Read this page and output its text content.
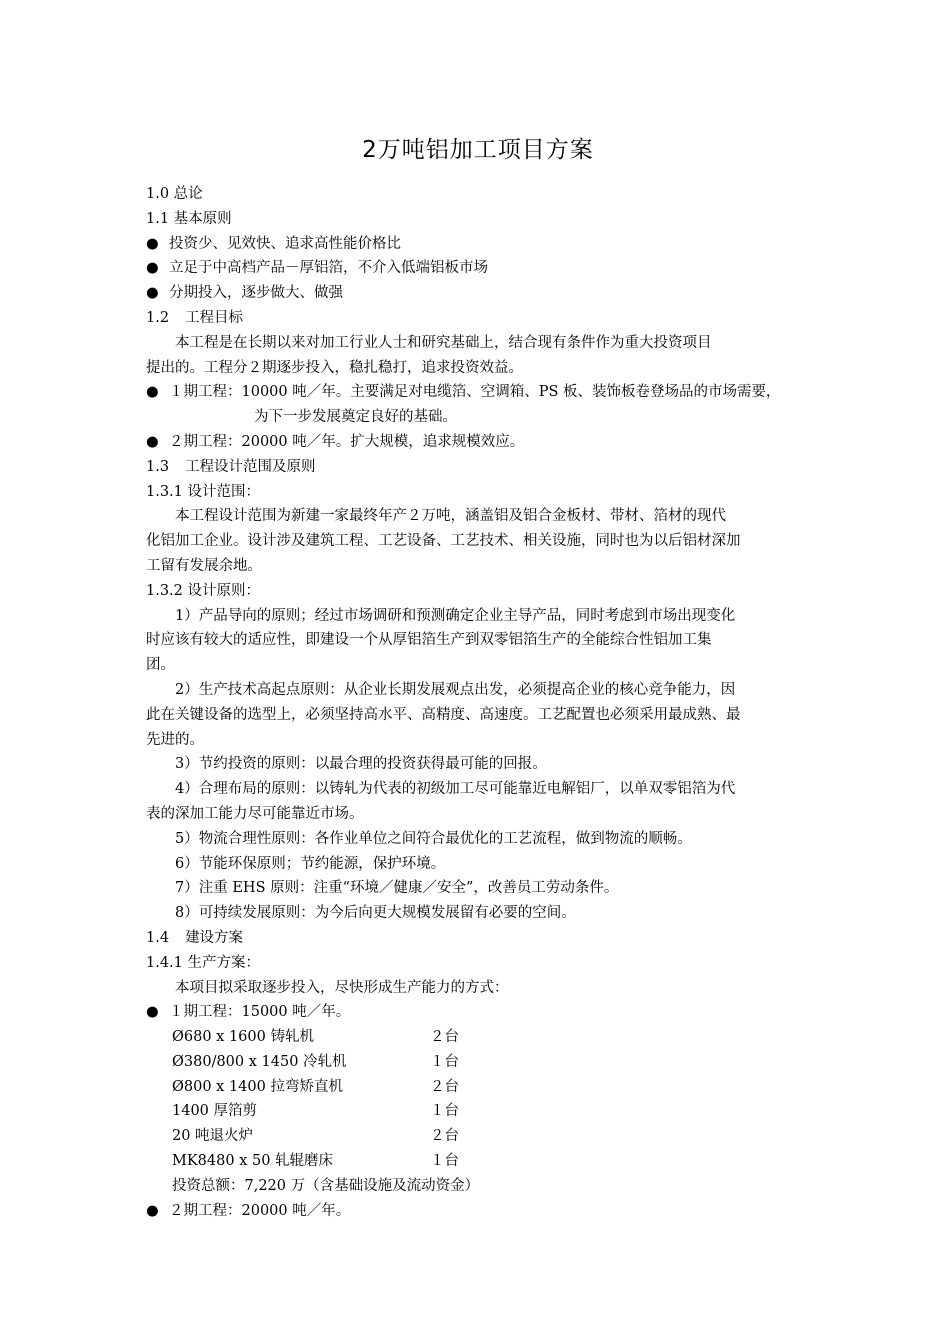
2万吨铝加工项目方案
1.0 总论
1.1 基本原则
● 投资少、见效快、追求高性能价格比
● 立足于中高档产品－厚铝箔，不介入低端铝板市场
● 分期投入，逐步做大、做强
1.2 工程目标
本工程是在长期以来对加工行业人士和研究基础上，结合现有条件作为重大投资项目
提出的。工程分２期逐步投入，稳扎稳打，追求投资效益。
● １期工程：10000 吨／年。主要满足对电缆箔、空调箱、PS 板、装饰板卷登场品的市场需要，
为下一步发展奠定良好的基础。
● ２期工程：20000 吨／年。扩大规模，追求规模效应。
1.3 工程设计范围及原则
1.3.1 设计范围：
本工程设计范围为新建一家最终年产２万吨，涵盖铝及铝合金板材、带材、箔材的现代
化铝加工企业。设计涉及建筑工程、工艺设备、工艺技术、相关设施，同时也为以后铝材深加
工留有发展余地。
1.3.2 设计原则：
1）产品导向的原则；经过市场调研和预测确定企业主导产品，同时考虑到市场出现变化
时应该有较大的适应性，即建设一个从厚铝箔生产到双零铝箔生产的全能综合性铝加工集
团。
2）生产技术高起点原则：从企业长期发展观点出发，必须提高企业的核心竞争能力，因
此在关键设备的选型上，必须坚持高水平、高精度、高速度。工艺配置也必须采用最成熟、最
先进的。
3）节约投资的原则：以最合理的投资获得最可能的回报。
4）合理布局的原则：以铸轧为代表的初级加工尽可能靠近电解铝厂，以单双零铝箔为代
表的深加工能力尽可能靠近市场。
5）物流合理性原则：各作业单位之间符合最优化的工艺流程，做到物流的顺畅。
6）节能环保原则；节约能源，保护环境。
7）注重 EHS 原则：注重“环境／健康／安全”，改善员工劳动条件。
8）可持续发展原则：为今后向更大规模发展留有必要的空间。
1.4 建设方案
1.4.1 生产方案：
本项目拟采取逐步投入，尽快形成生产能力的方式：
● １期工程：15000 吨／年。
Ø680 x 1600 铸轧机	２台
Ø380/800 x 1450 冷轧机	１台
Ø800 x 1400 拉弯矫直机	２台
1400 厚箔剪	１台
20 吨退火炉	２台
MK8480 x 50 轧辊磨床	１台
投资总额：7,220 万（含基础设施及流动资金）
● ２期工程：20000 吨／年。
